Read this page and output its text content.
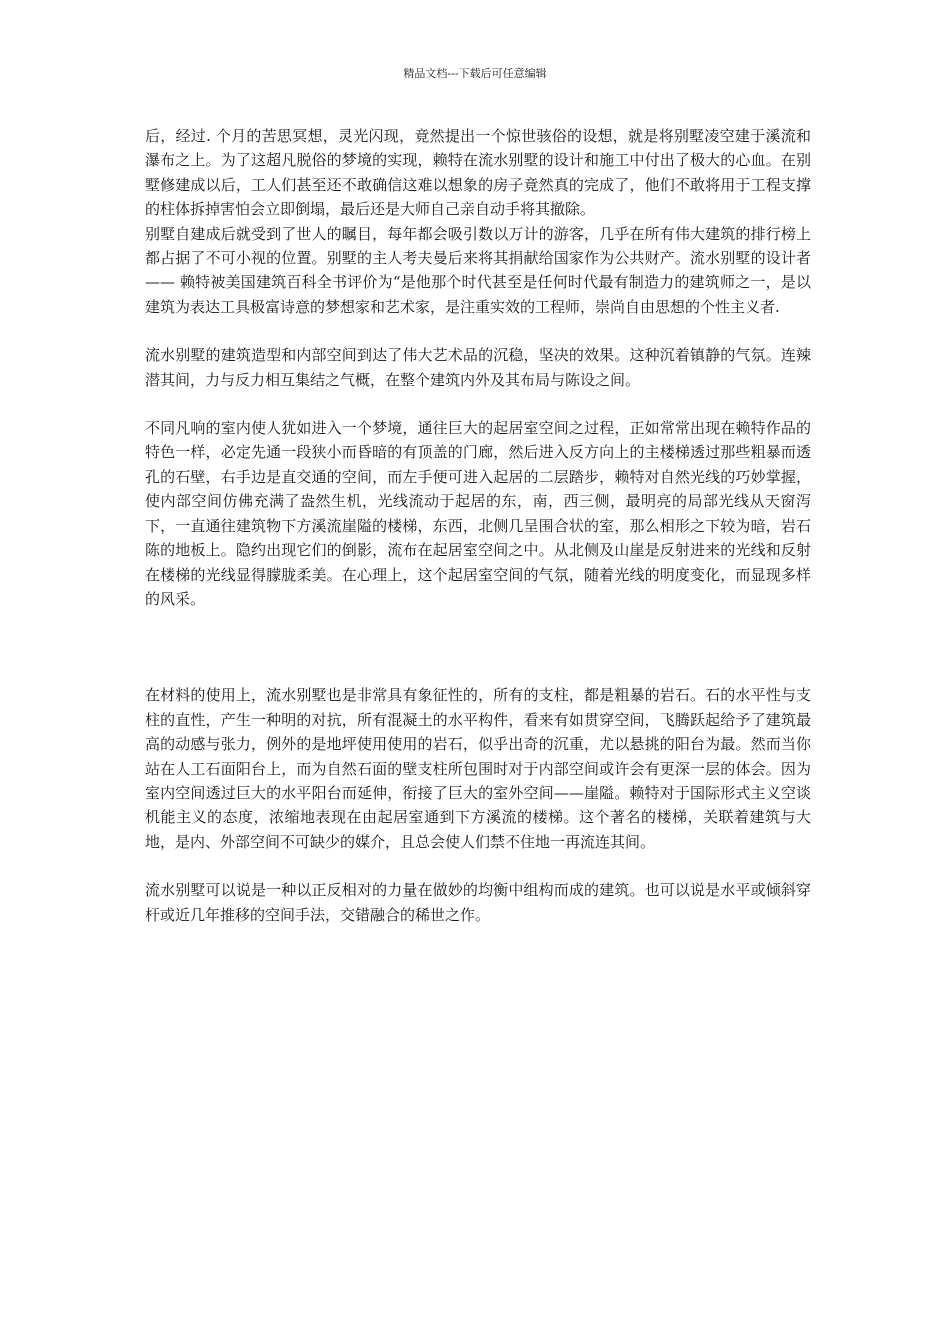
精品文档---下载后可任意编辑

后，经过. 个月的苦思冥想，灵光闪现，竟然提出一个惊世骇俗的设想，就是将别墅凌空建于溪流和瀑布之上。为了这超凡脱俗的梦境的实现，赖特在流水别墅的设计和施工中付出了极大的心血。在别墅修建成以后，工人们甚至还不敢确信这难以想象的房子竟然真的完成了，他们不敢将用于工程支撑的柱体拆掉害怕会立即倒塌，最后还是大师自己亲自动手将其撤除。

别墅自建成后就受到了世人的瞩目，每年都会吸引数以万计的游客，几乎在所有伟大建筑的排行榜上都占据了不可小视的位置。别墅的主人考夫曼后来将其捐献给国家作为公共财产。流水别墅的设计者—— 赖特被美国建筑百科全书评价为“是他那个时代甚至是任何时代最有制造力的建筑师之一，是以建筑为表达工具极富诗意的梦想家和艺术家，是注重实效的工程师，崇尚自由思想的个性主义者.

流水别墅的建筑造型和内部空间到达了伟大艺术品的沉稳，坚决的效果。这种沉着镇静的气氛。连辣潜其间，力与反力相互集结之气概，在整个建筑内外及其布局与陈设之间。

不同凡响的室内使人犹如进入一个梦境，通往巨大的起居室空间之过程，正如常常出现在赖特作品的特色一样，必定先通一段狭小而昏暗的有顶盖的门廊，然后进入反方向上的主楼梯透过那些粗暴而透孔的石壁，右手边是直交通的空间，而左手便可进入起居的二层踏步，赖特对自然光线的巧妙掌握，使内部空间仿佛充满了盎然生机，光线流动于起居的东，南，西三侧，最明亮的局部光线从天窗泻下，一直通往建筑物下方溪流崖隘的楼梯，东西，北侧几呈围合状的室，那么相形之下较为暗，岩石陈的地板上。隐约出现它们的倒影，流布在起居室空间之中。从北侧及山崖是反射进来的光线和反射在楼梯的光线显得朦胧柔美。在心理上，这个起居室空间的气氛，随着光线的明度变化，而显现多样的风采。

在材料的使用上，流水别墅也是非常具有象征性的，所有的支柱，都是粗暴的岩石。石的水平性与支柱的直性，产生一种明的对抗，所有混凝土的水平构件，看来有如贯穿空间，飞腾跃起给予了建筑最高的动感与张力，例外的是地坪使用使用的岩石，似乎出奇的沉重，尤以悬挑的阳台为最。然而当你站在人工石面阳台上，而为自然石面的壁支柱所包围时对于内部空间或许会有更深一层的体会。因为室内空间透过巨大的水平阳台而延伸，衔接了巨大的室外空间——崖隘。赖特对于国际形式主义空谈机能主义的态度，浓缩地表现在由起居室通到下方溪流的楼梯。这个著名的楼梯，关联着建筑与大地，是内、外部空间不可缺少的媒介，且总会使人们禁不住地一再流连其间。

流水别墅可以说是一种以正反相对的力量在做妙的均衡中组构而成的建筑。也可以说是水平或倾斜穿杆或近几年推移的空间手法，交错融合的稀世之作。
